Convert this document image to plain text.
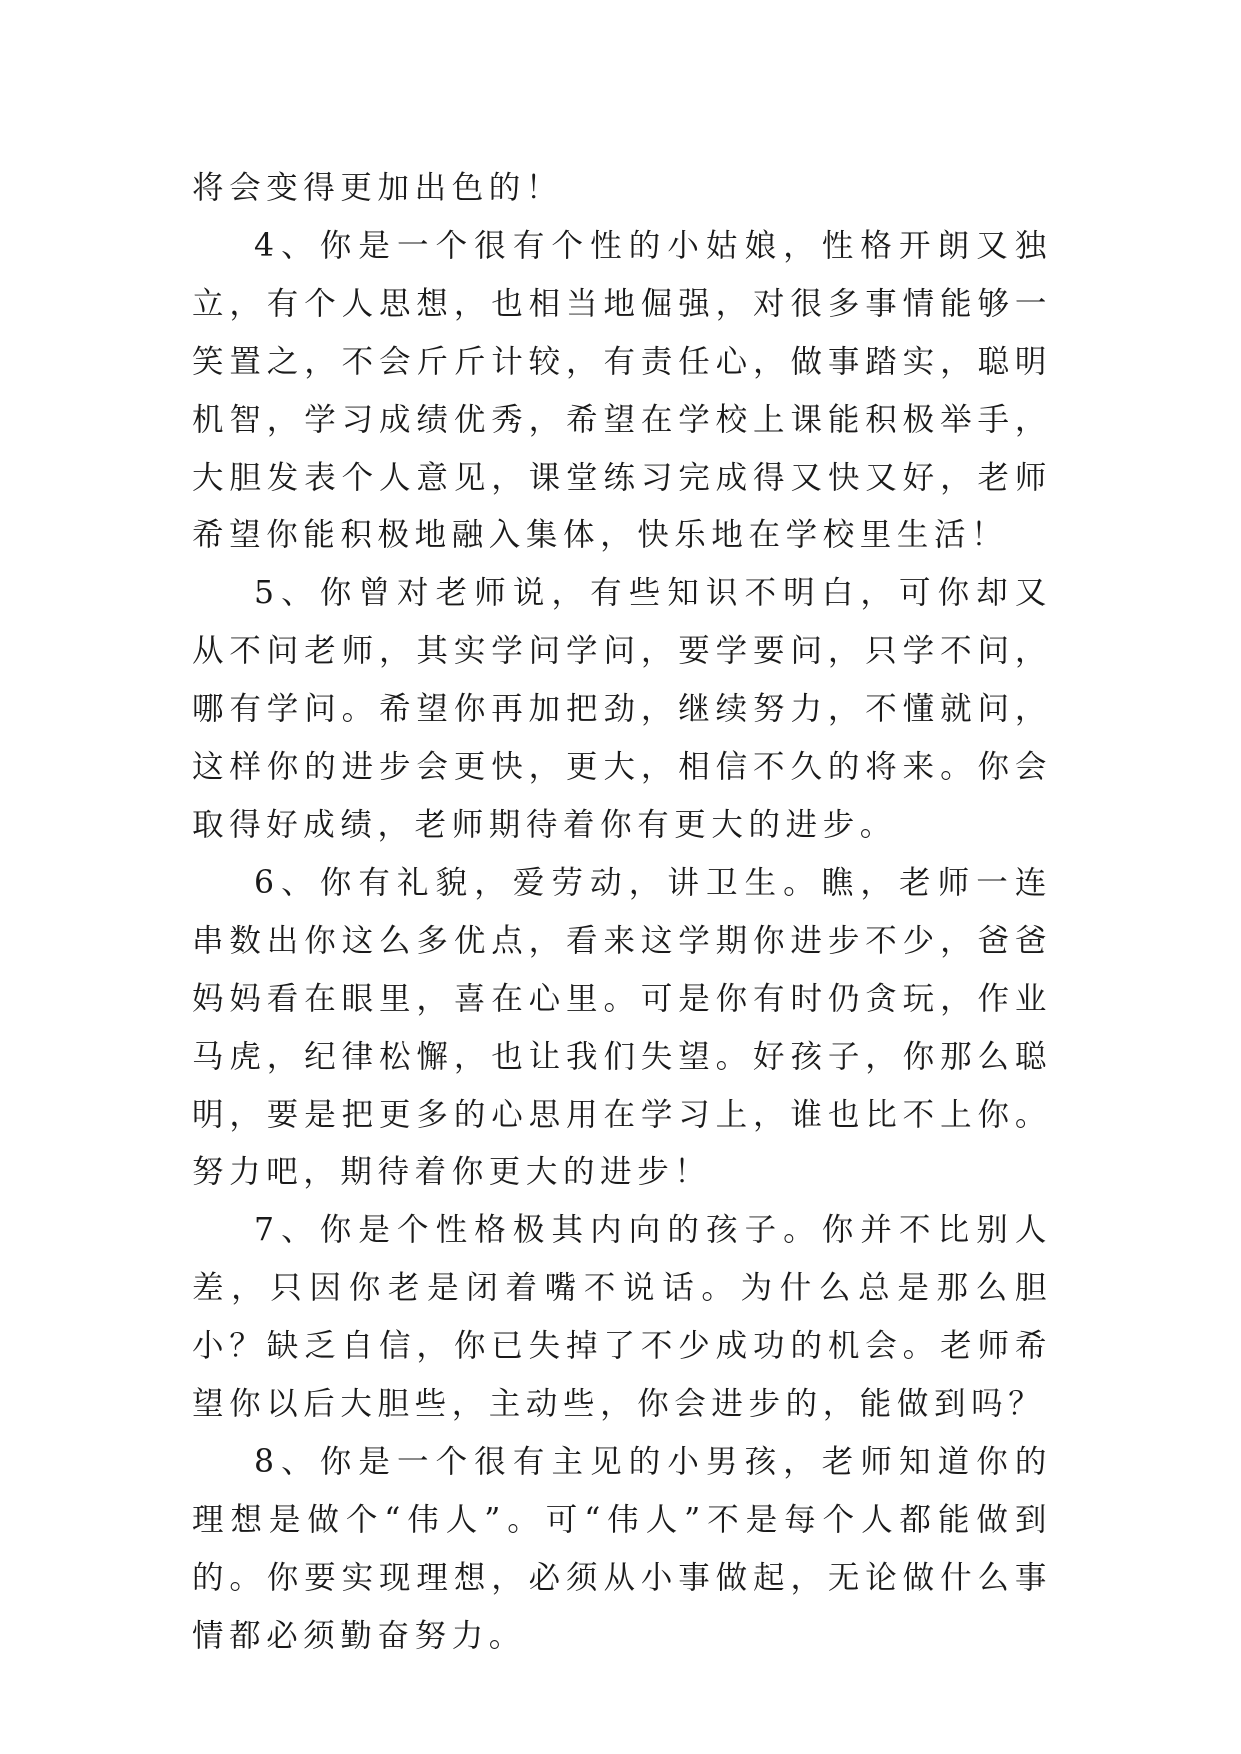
将会变得更加出色的！

4、你是一个很有个性的小姑娘，性格开朗又独立，有个人思想，也相当地倔强，对很多事情能够一笑置之，不会斤斤计较，有责任心，做事踏实，聪明机智，学习成绩优秀，希望在学校上课能积极举手，大胆发表个人意见，课堂练习完成得又快又好，老师希望你能积极地融入集体，快乐地在学校里生活！

5、你曾对老师说，有些知识不明白，可你却又从不问老师，其实学问学问，要学要问，只学不问，哪有学问。希望你再加把劲，继续努力，不懂就问，这样你的进步会更快，更大，相信不久的将来。你会取得好成绩，老师期待着你有更大的进步。

6、你有礼貌，爱劳动，讲卫生。瞧，老师一连串数出你这么多优点，看来这学期你进步不少，爸爸妈妈看在眼里，喜在心里。可是你有时仍贪玩，作业马虎，纪律松懈，也让我们失望。好孩子，你那么聪明，要是把更多的心思用在学习上，谁也比不上你。努力吧，期待着你更大的进步！

7、你是个性格极其内向的孩子。你并不比别人差，只因你老是闭着嘴不说话。为什么总是那么胆小？缺乏自信，你已失掉了不少成功的机会。老师希望你以后大胆些，主动些，你会进步的，能做到吗？

8、你是一个很有主见的小男孩，老师知道你的理想是做个“伟人”。可“伟人”不是每个人都能做到的。你要实现理想，必须从小事做起，无论做什么事情都必须勤奋努力。
